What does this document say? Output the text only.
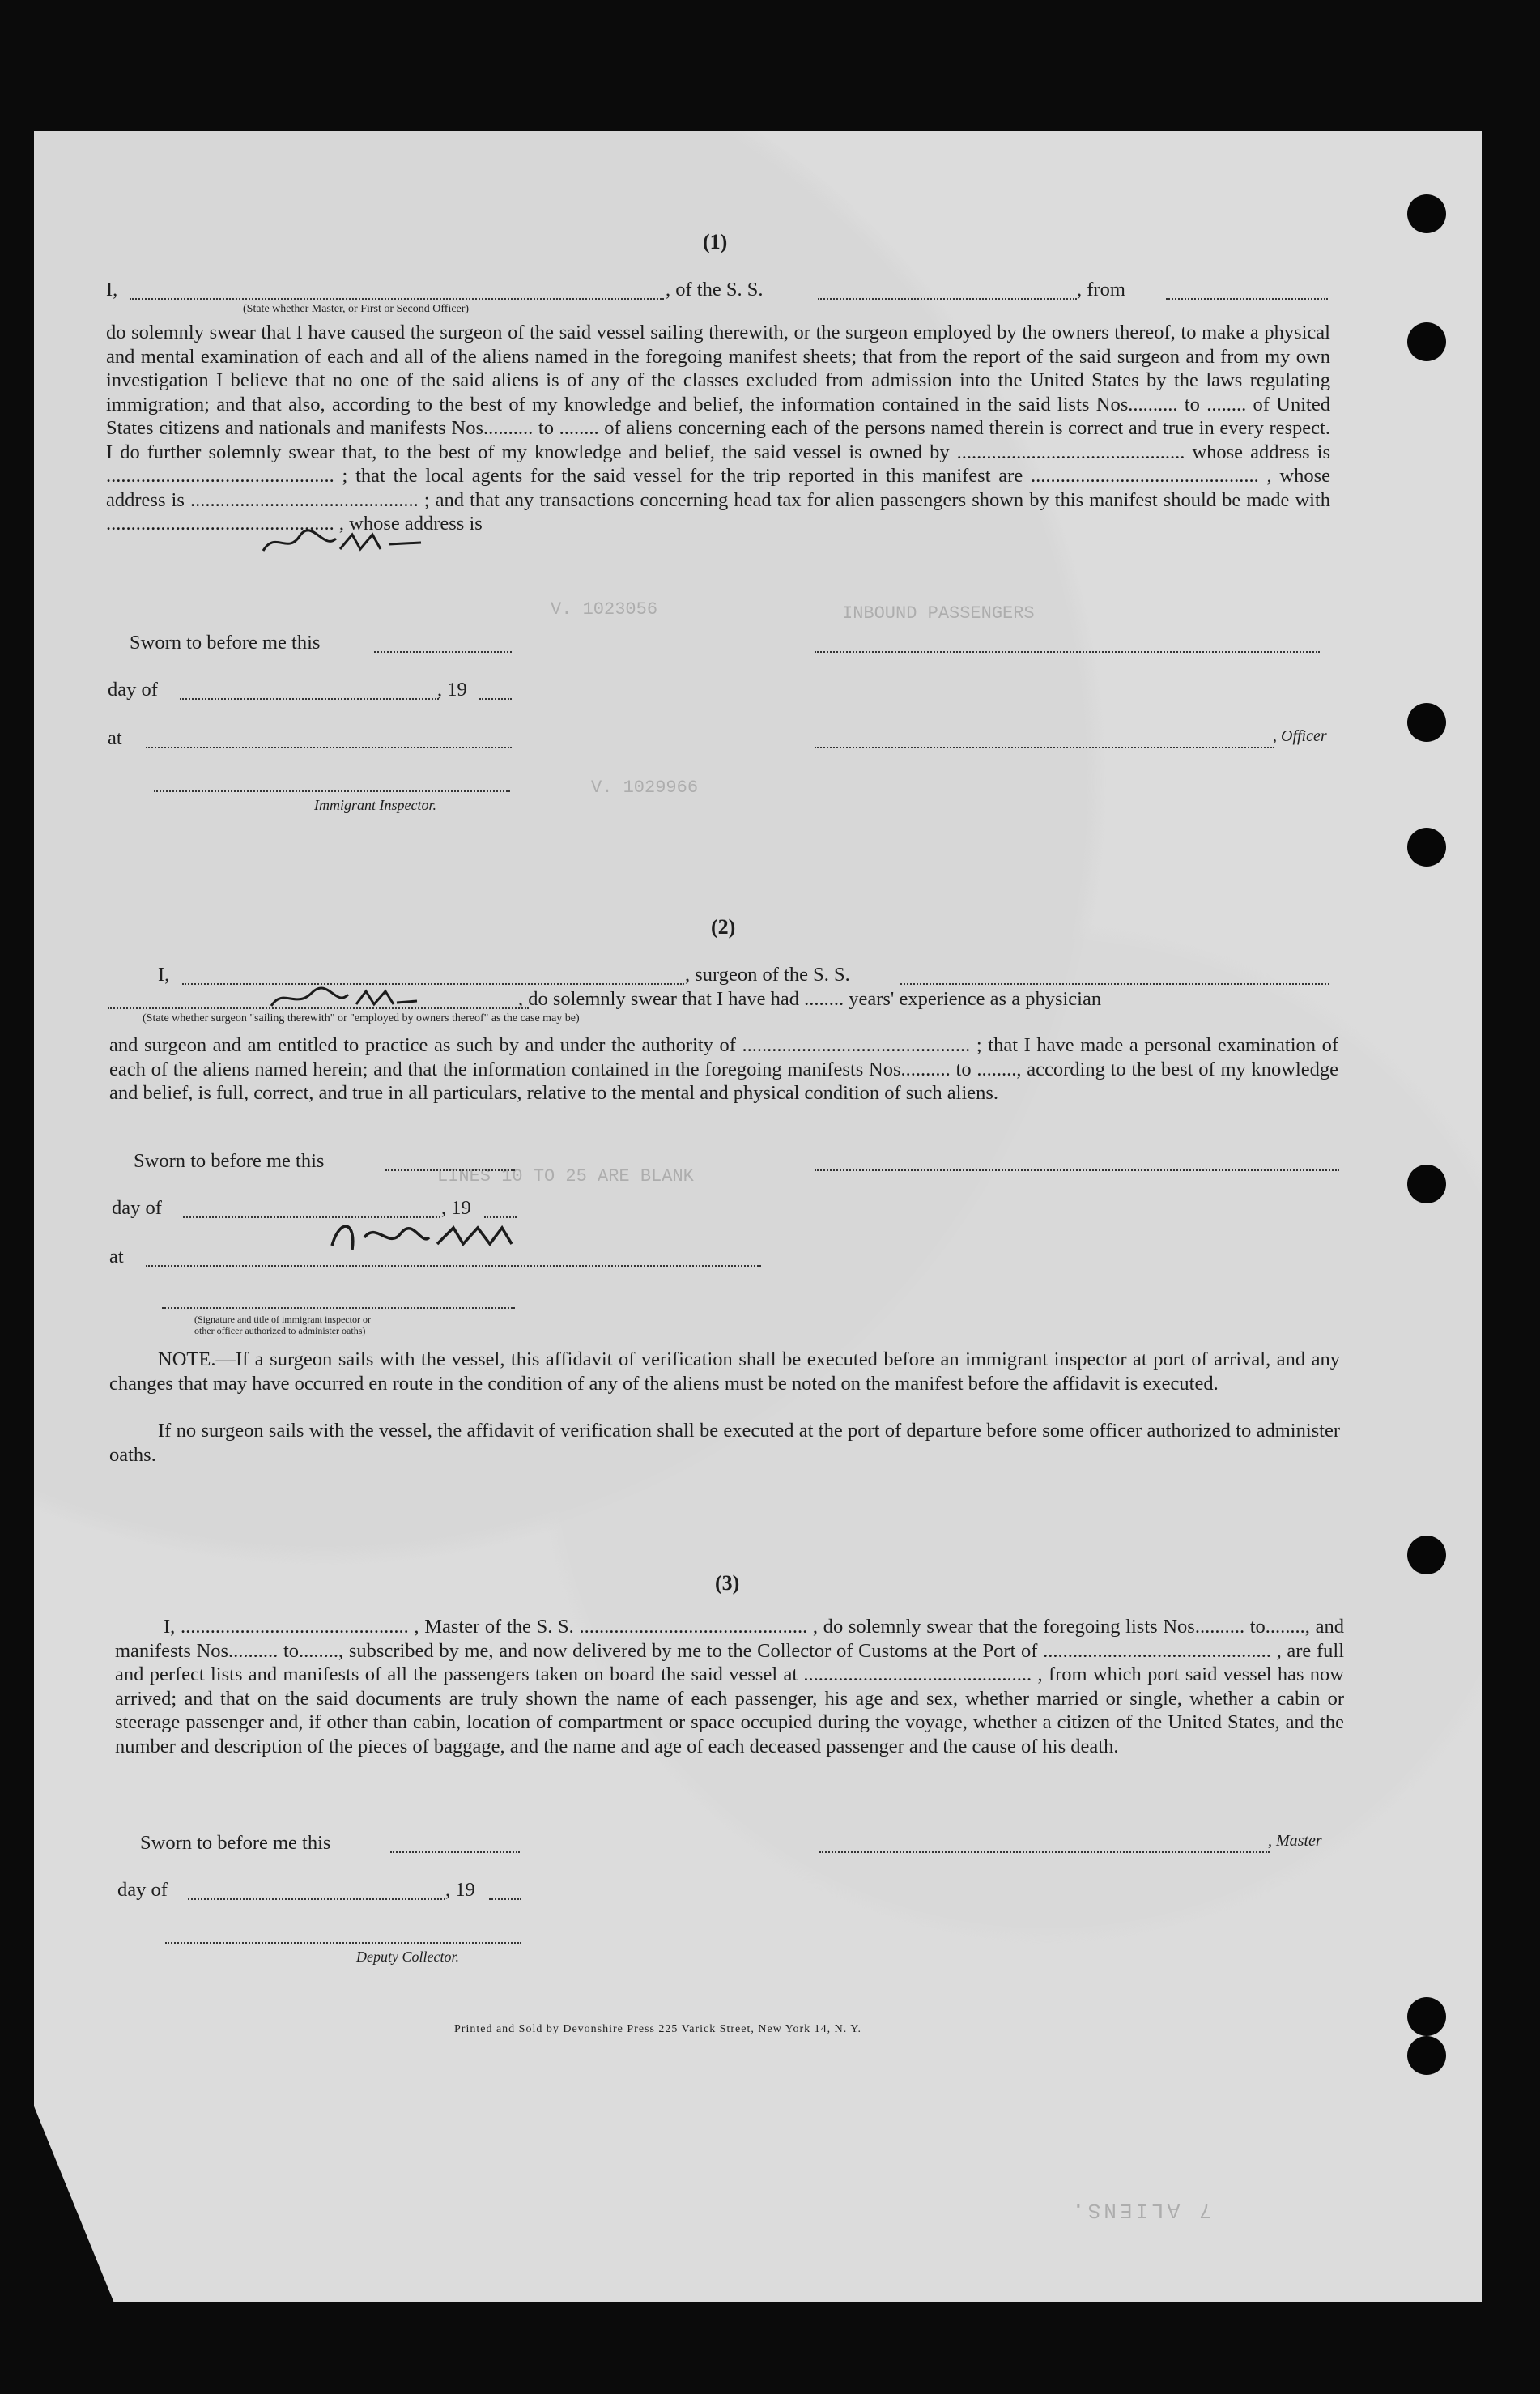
V. 1023056	INBOUND PASSENGERS
V. 1029966
LINES 10 TO 25 ARE BLANK
(1)
I,	, of the S. S.	, from
(State whether Master, or First or Second Officer)
do solemnly swear that I have caused the surgeon of the said vessel sailing therewith, or the surgeon employed by the owners thereof, to make a physical and mental examination of each and all of the aliens named in the foregoing manifest sheets; that from the report of the said surgeon and from my own investigation I believe that no one of the said aliens is of any of the classes excluded from admission into the United States by the laws regulating immigration; and that also, according to the best of my knowledge and belief, the information contained in the said lists Nos.......... to ........ of United States citizens and nationals and manifests Nos.......... to ........ of aliens concerning each of the persons named therein is correct and true in every respect. I do further solemnly swear that, to the best of my knowledge and belief, the said vessel is owned by .............................................. whose address is .............................................. ; that the local agents for the said vessel for the trip reported in this manifest are .............................................. , whose address is .............................................. ; and that any transactions concerning head tax for alien passengers shown by this manifest should be made with .............................................. , whose address is
Sworn to before me this
day of	, 19
at	, Officer
Immigrant Inspector.
(2)
I,	, surgeon of the S. S.
, do solemnly swear that I have had ........ years' experience as a physician
(State whether surgeon "sailing therewith" or "employed by owners thereof" as the case may be)
and surgeon and am entitled to practice as such by and under the authority of .............................................. ; that I have made a personal examination of each of the aliens named herein; and that the information contained in the foregoing manifests Nos.......... to ........, according to the best of my knowledge and belief, is full, correct, and true in all particulars, relative to the mental and physical condition of such aliens.
Sworn to before me this
day of	, 19
at
(Signature and title of immigrant inspector or
other officer authorized to administer oaths)
NOTE.—If a surgeon sails with the vessel, this affidavit of verification shall be executed before an immigrant inspector at port of arrival, and any changes that may have occurred en route in the condition of any of the aliens must be noted on the manifest before the affidavit is executed.
If no surgeon sails with the vessel, the affidavit of verification shall be executed at the port of departure before some officer authorized to administer oaths.
(3)
I, .............................................. , Master of the S. S. .............................................. , do solemnly swear that the foregoing lists Nos.......... to........, and manifests Nos.......... to........, subscribed by me, and now delivered by me to the Collector of Customs at the Port of .............................................. , are full and perfect lists and manifests of all the passengers taken on board the said vessel at .............................................. , from which port said vessel has now arrived; and that on the said documents are truly shown the name of each passenger, his age and sex, whether married or single, whether a cabin or steerage passenger and, if other than cabin, location of compartment or space occupied during the voyage, whether a citizen of the United States, and the number and description of the pieces of baggage, and the name and age of each deceased passenger and the cause of his death.
Sworn to before me this	, Master
day of	, 19
Deputy Collector.
Printed and Sold by Devonshire Press 225 Varick Street, New York 14, N. Y.
7 ALIENS.
